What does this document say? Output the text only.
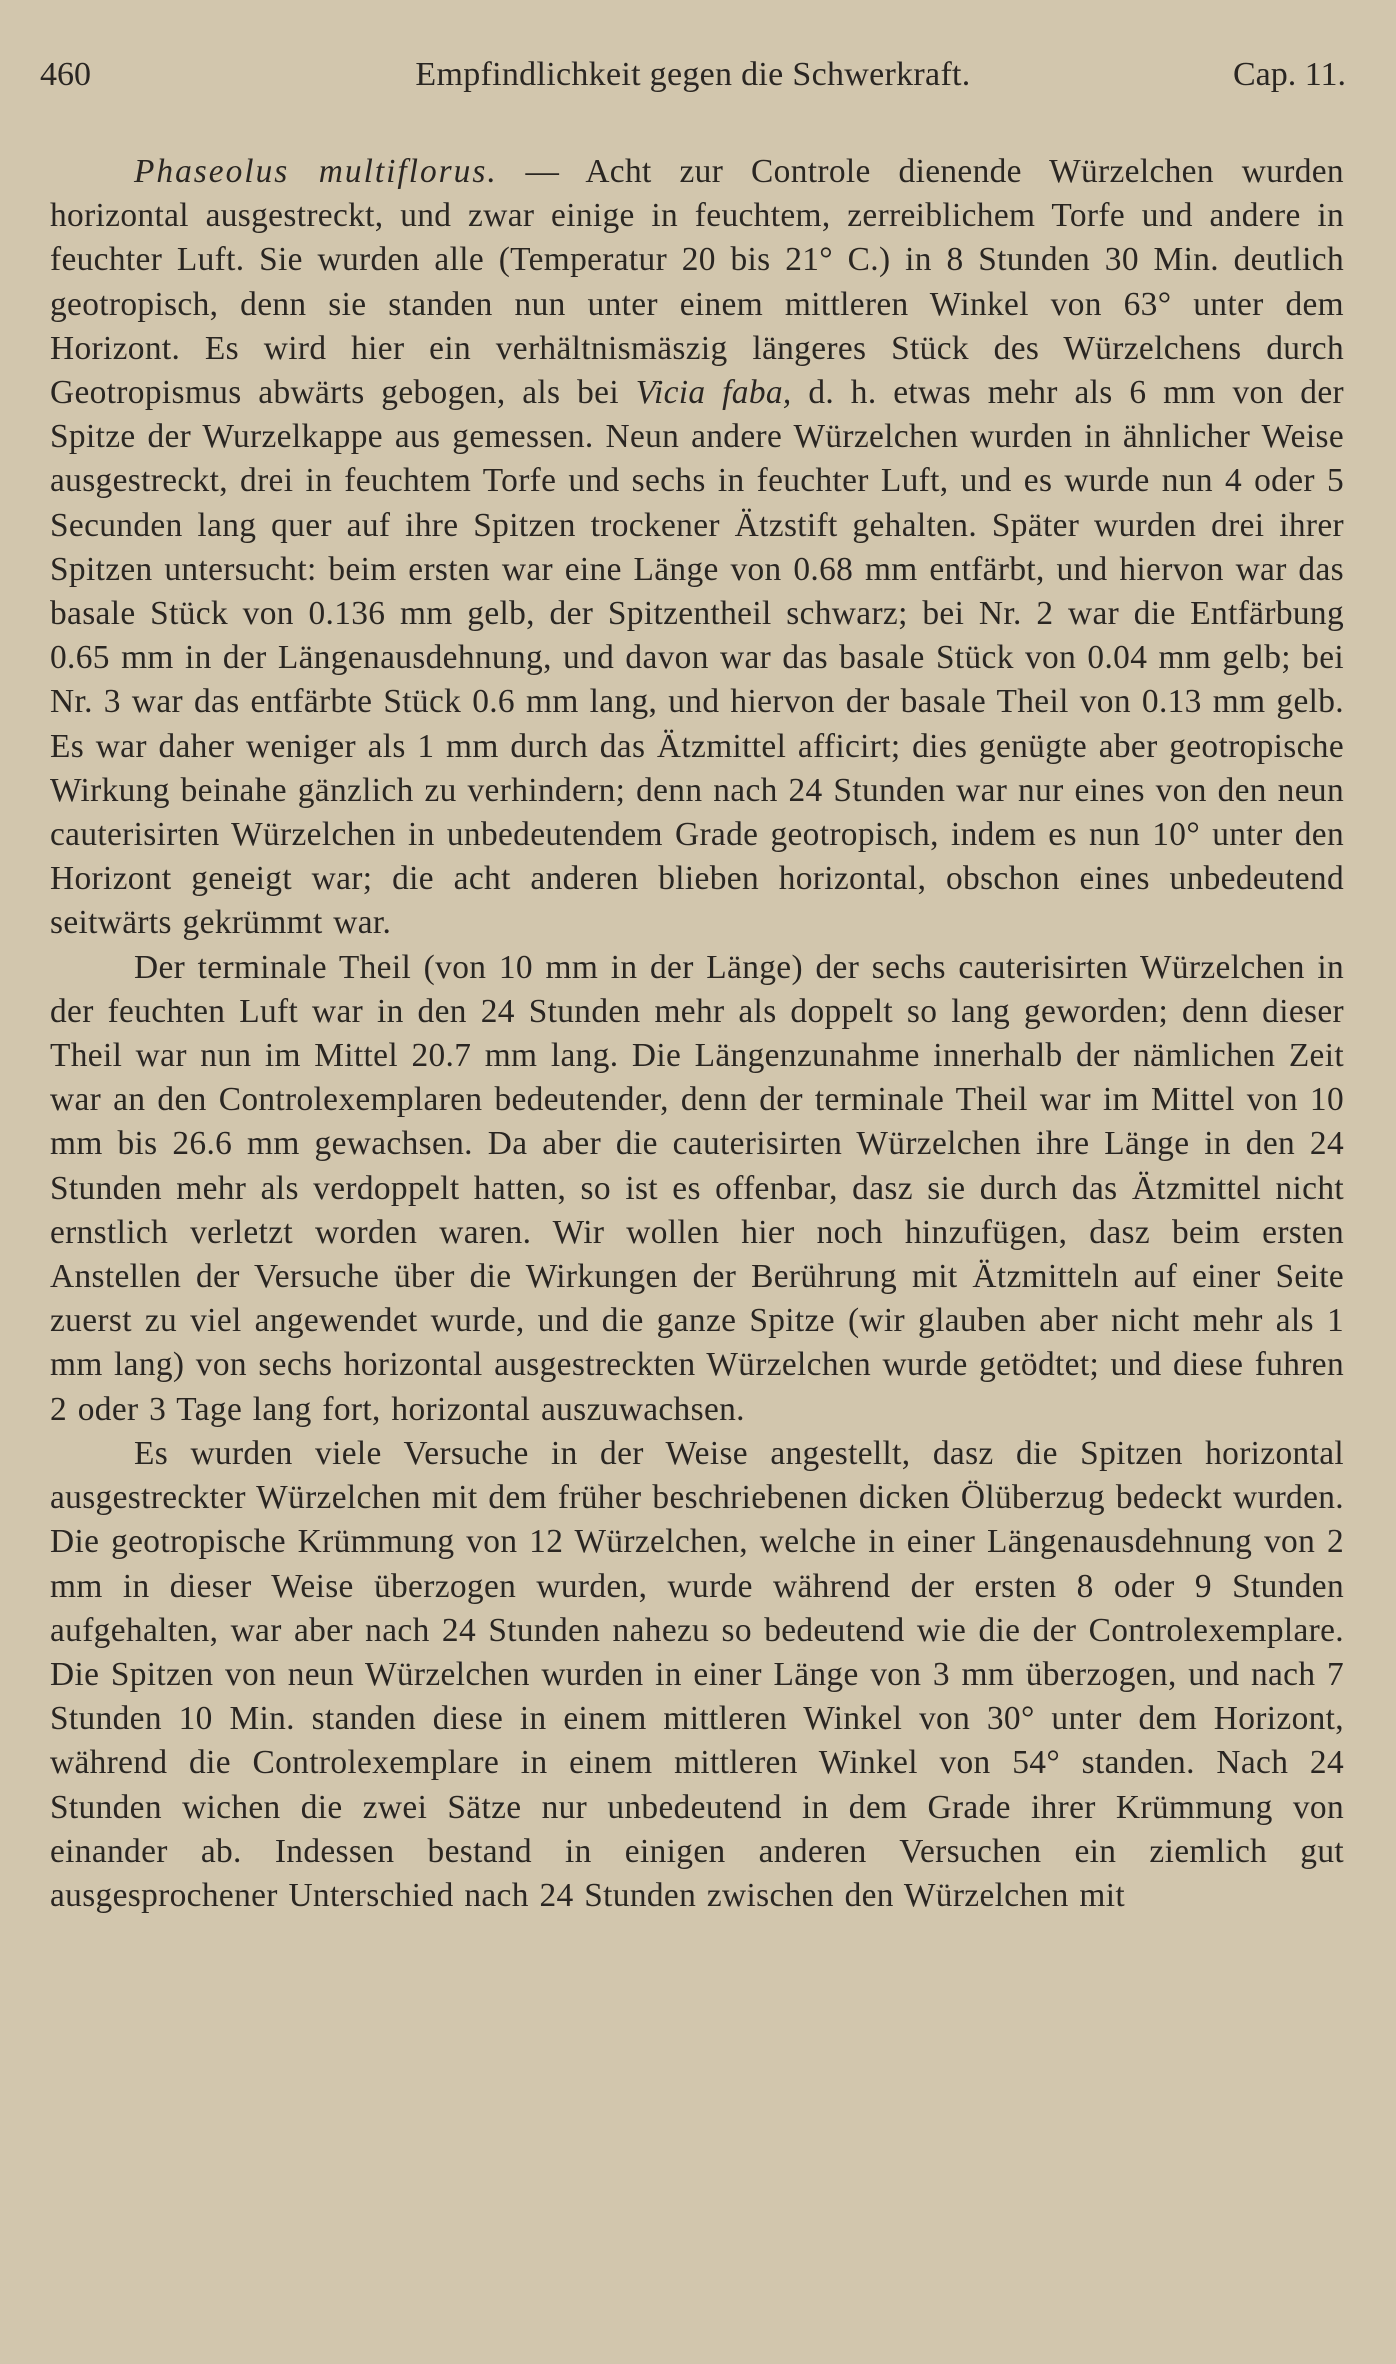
460	Empfindlichkeit gegen die Schwerkraft.	Cap. 11.

Phaseolus multiflorus. — Acht zur Controle dienende Würzelchen wurden horizontal ausgestreckt, und zwar einige in feuchtem, zerreiblichem Torfe und andere in feuchter Luft. Sie wurden alle (Temperatur 20 bis 21° C.) in 8 Stunden 30 Min. deutlich geotropisch, denn sie standen nun unter einem mittleren Winkel von 63° unter dem Horizont. Es wird hier ein verhältnismäszig längeres Stück des Würzelchens durch Geotropismus abwärts gebogen, als bei Vicia faba, d. h. etwas mehr als 6 mm von der Spitze der Wurzelkappe aus gemessen. Neun andere Würzelchen wurden in ähnlicher Weise ausgestreckt, drei in feuchtem Torfe und sechs in feuchter Luft, und es wurde nun 4 oder 5 Secunden lang quer auf ihre Spitzen trockener Ätzstift gehalten. Später wurden drei ihrer Spitzen untersucht: beim ersten war eine Länge von 0.68 mm entfärbt, und hiervon war das basale Stück von 0.136 mm gelb, der Spitzentheil schwarz; bei Nr. 2 war die Entfärbung 0.65 mm in der Längenausdehnung, und davon war das basale Stück von 0.04 mm gelb; bei Nr. 3 war das entfärbte Stück 0.6 mm lang, und hiervon der basale Theil von 0.13 mm gelb. Es war daher weniger als 1 mm durch das Ätzmittel afficirt; dies genügte aber geotropische Wirkung beinahe gänzlich zu verhindern; denn nach 24 Stunden war nur eines von den neun cauterisirten Würzelchen in unbedeutendem Grade geotropisch, indem es nun 10° unter den Horizont geneigt war; die acht anderen blieben horizontal, obschon eines unbedeutend seitwärts gekrümmt war.

Der terminale Theil (von 10 mm in der Länge) der sechs cauterisirten Würzelchen in der feuchten Luft war in den 24 Stunden mehr als doppelt so lang geworden; denn dieser Theil war nun im Mittel 20.7 mm lang. Die Längenzunahme innerhalb der nämlichen Zeit war an den Controlexemplaren bedeutender, denn der terminale Theil war im Mittel von 10 mm bis 26.6 mm gewachsen. Da aber die cauterisirten Würzelchen ihre Länge in den 24 Stunden mehr als verdoppelt hatten, so ist es offenbar, dasz sie durch das Ätzmittel nicht ernstlich verletzt worden waren. Wir wollen hier noch hinzufügen, dasz beim ersten Anstellen der Versuche über die Wirkungen der Berührung mit Ätzmitteln auf einer Seite zuerst zu viel angewendet wurde, und die ganze Spitze (wir glauben aber nicht mehr als 1 mm lang) von sechs horizontal ausgestreckten Würzelchen wurde getödtet; und diese fuhren 2 oder 3 Tage lang fort, horizontal auszuwachsen.

Es wurden viele Versuche in der Weise angestellt, dasz die Spitzen horizontal ausgestreckter Würzelchen mit dem früher beschriebenen dicken Ölüberzug bedeckt wurden. Die geotropische Krümmung von 12 Würzelchen, welche in einer Längenausdehnung von 2 mm in dieser Weise überzogen wurden, wurde während der ersten 8 oder 9 Stunden aufgehalten, war aber nach 24 Stunden nahezu so bedeutend wie die der Controlexemplare. Die Spitzen von neun Würzelchen wurden in einer Länge von 3 mm überzogen, und nach 7 Stunden 10 Min. standen diese in einem mittleren Winkel von 30° unter dem Horizont, während die Controlexemplare in einem mittleren Winkel von 54° standen. Nach 24 Stunden wichen die zwei Sätze nur unbedeutend in dem Grade ihrer Krümmung von einander ab. Indessen bestand in einigen anderen Versuchen ein ziemlich gut ausgesprochener Unterschied nach 24 Stunden zwischen den Würzelchen mit
